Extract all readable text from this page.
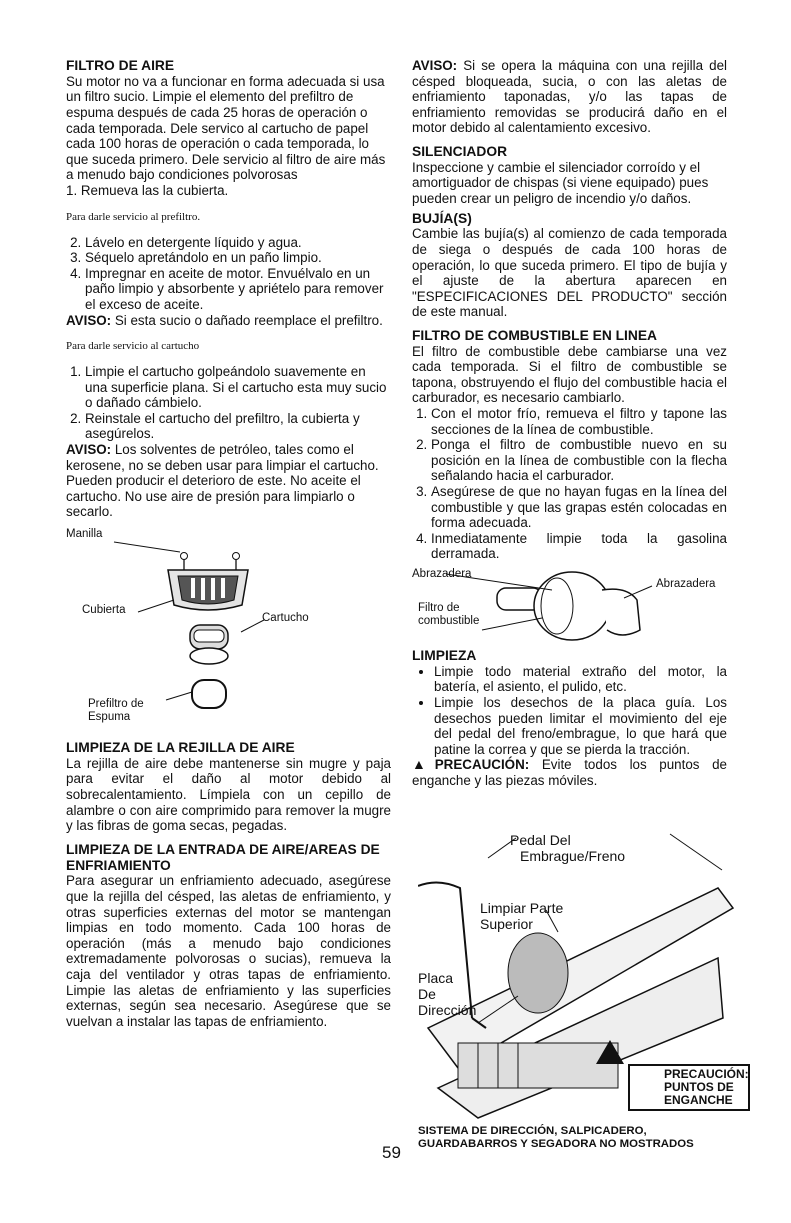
FILTRO DE AIRE

Su motor no va a funcionar en forma adecuada si usa un filtro sucio. Limpie el elemento del prefiltro de espuma después de cada 25 horas de operación o cada temporada. Dele servico al cartucho de papel cada 100 horas de operación o cada temporada, lo que suceda primero. Dele servicio al filtro de aire más a menudo bajo condiciones polvorosas

1. Remueva las la cubierta.

Para darle servicio al prefiltro.

2. Lávelo en detergente líquido y agua.
3. Séquelo apretándolo en un paño limpio.
4. Impregnar en aceite de motor. Envuélvalo en un paño limpio y absorbente y apriételo para remover el exceso de aceite.

AVISO: Si esta sucio o dañado reemplace el prefiltro.

Para darle servicio al cartucho

1. Limpie el cartucho golpeándolo suavemente en una superficie plana. Si el cartucho esta muy sucio o dañado cámbielo.
2. Reinstale el cartucho del prefiltro, la cubierta y asegúrelos.

AVISO: Los solventes de petróleo, tales como el kerosene, no se deben usar para limpiar el cartucho. Pueden producir el deterioro de este. No aceite el cartucho. No use aire de presión para limpiarlo o secarlo.

Manilla
Cubierta
Cartucho
Prefiltro de
Espuma
LIMPIEZA DE LA REJILLA DE AIRE

La rejilla de aire debe mantenerse sin mugre y paja para evitar el daño al motor debido al sobrecalentamiento. Límpiela con un cepillo de alambre o con aire comprimido para remover la mugre y las fibras de goma secas, pegadas.

LIMPIEZA DE LA ENTRADA DE AIRE/AREAS DE ENFRIAMIENTO

Para asegurar un enfriamiento adecuado, asegúrese que la rejilla del césped, las aletas de enfriamiento, y otras superficies externas del motor se mantengan limpias en todo momento. Cada 100 horas de operación (más a menudo bajo condiciones extremadamente polvorosas o sucias), remueva la caja del ventilador y otras tapas de enfriamiento. Limpie las aletas de enfriamiento y las superficies externas, según sea necesario. Asegúrese que se vuelvan a instalar las tapas de enfriamiento.

AVISO: Si se opera la máquina con una rejilla del césped bloqueada, sucia, o con las aletas de enfriamiento taponadas, y/o las tapas de enfriamiento removidas se producirá daño en el motor debido al calentamiento excesivo.

SILENCIADOR

Inspeccione y cambie el silenciador corroído y el amortiguador de chispas (si viene equipado) pues pueden crear un peligro de incendio y/o daños.

BUJÍA(S)

Cambie las bujía(s) al comienzo de cada temporada de siega o después de cada 100 horas de operación, lo que suceda primero. El tipo de bujía y el ajuste de la abertura aparecen en "ESPECIFICACIONES DEL PRODUCTO" sección de este manual.

FILTRO DE COMBUSTIBLE EN LINEA

El filtro de combustible debe cambiarse una vez cada temporada. Si el filtro de combustible se tapona, obstruyendo el flujo del combustible hacia el carburador, es necesario cambiarlo.

1. Con el motor frío, remueva el filtro y tapone las secciones de la línea de combustible.
2. Ponga el filtro de combustible nuevo en su posición en la línea de combustible con la flecha señalando hacia el carburador.
3. Asegúrese de que no hayan fugas en la línea del combustible y que las grapas estén colocadas en forma adecuada.
4. Inmediatamente limpie toda la gasolina derramada.
Abrazadera
Abrazadera
Filtro de
combustible
LIMPIEZA
• Limpie todo material extraño del motor, la batería, el asiento, el pulido, etc.
• Limpie los desechos de la placa guía. Los desechos pueden limitar el movimiento del eje del pedal del freno/embrague, lo que hará que patine la correa y que se pierda la tracción.

▲PRECAUCIÓN: Evite todos los puntos de enganche y las piezas móviles.

Pedal Del
Embrague/Freno
Limpiar Parte
Superior
Placa
De
Dirección
PRECAUCIÓN:
PUNTOS DE
ENGANCHE
SISTEMA DE DIRECCIÓN, SALPICADERO,
GUARDABARROS Y SEGADORA NO MOSTRADOS
59
